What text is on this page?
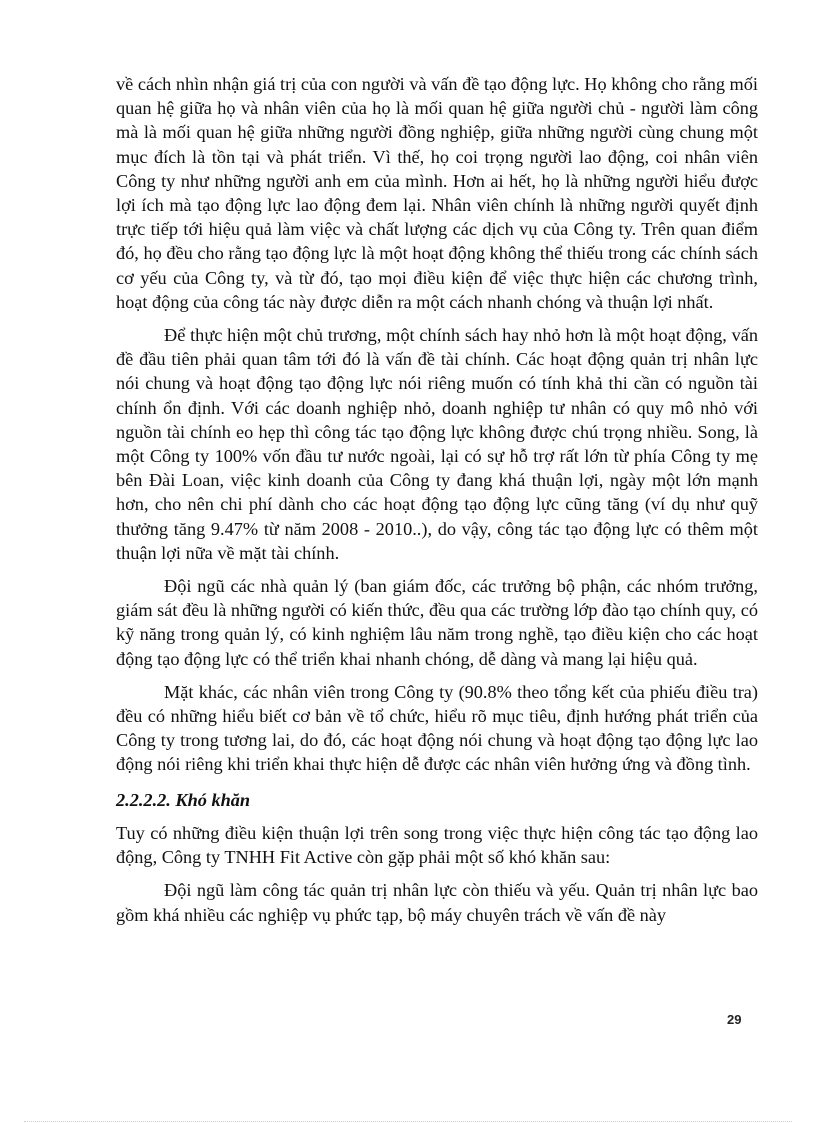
về cách nhìn nhận giá trị của con người và vấn đề tạo động lực. Họ không cho rằng mối quan hệ giữa họ và nhân viên của họ là mối quan hệ giữa người chủ - người làm công mà là mối quan hệ giữa những người đồng nghiệp, giữa những người cùng chung một mục đích là tồn tại và phát triển. Vì thế, họ coi trọng người lao động, coi nhân viên Công ty như những người anh em của mình. Hơn ai hết, họ là những người hiểu được lợi ích mà tạo động lực lao động đem lại. Nhân viên chính là những người quyết định trực tiếp tới hiệu quả làm việc và chất lượng các dịch vụ của Công ty. Trên quan điểm đó, họ đều cho rằng tạo động lực là một hoạt động không thể thiếu trong các chính sách cơ yếu của Công ty, và từ đó, tạo mọi điều kiện để việc thực hiện các chương trình, hoạt động của công tác này được diễn ra một cách nhanh chóng và thuận lợi nhất.

Để thực hiện một chủ trương, một chính sách hay nhỏ hơn là một hoạt động, vấn đề đầu tiên phải quan tâm tới đó là vấn đề tài chính. Các hoạt động quản trị nhân lực nói chung và hoạt động tạo động lực nói riêng muốn có tính khả thi cần có nguồn tài chính ổn định. Với các doanh nghiệp nhỏ, doanh nghiệp tư nhân có quy mô nhỏ với nguồn tài chính eo hẹp thì công tác tạo động lực không được chú trọng nhiều. Song, là một Công ty 100% vốn đầu tư nước ngoài, lại có sự hỗ trợ rất lớn từ phía Công ty mẹ bên Đài Loan, việc kinh doanh của Công ty đang khá thuận lợi, ngày một lớn mạnh hơn, cho nên chi phí dành cho các hoạt động tạo động lực cũng tăng (ví dụ như quỹ thưởng tăng 9.47% từ năm 2008 - 2010..), do vậy, công tác tạo động lực có thêm một thuận lợi nữa về mặt tài chính.

Đội ngũ các nhà quản lý (ban giám đốc, các trưởng bộ phận, các nhóm trưởng, giám sát đều là những người có kiến thức, đều qua các trường lớp đào tạo chính quy, có kỹ năng trong quản lý, có kinh nghiệm lâu năm trong nghề, tạo điều kiện cho các hoạt động tạo động lực có thể triển khai nhanh chóng, dễ dàng và mang lại hiệu quả.

Mặt khác, các nhân viên trong Công ty (90.8% theo tổng kết của phiếu điều tra) đều có những hiểu biết cơ bản về tổ chức, hiểu rõ mục tiêu, định hướng phát triển của Công ty trong tương lai, do đó, các hoạt động nói chung và hoạt động tạo động lực lao động nói riêng khi triển khai thực hiện dễ được các nhân viên hưởng ứng và đồng tình.

2.2.2.2. Khó khăn

Tuy có những điều kiện thuận lợi trên song trong việc thực hiện công tác tạo động lao động, Công ty TNHH Fit Active còn gặp phải một số khó khăn sau:

Đội ngũ làm công tác quản trị nhân lực còn thiếu và yếu. Quản trị nhân lực bao gồm khá nhiều các nghiệp vụ phức tạp, bộ máy chuyên trách về vấn đề này

29
